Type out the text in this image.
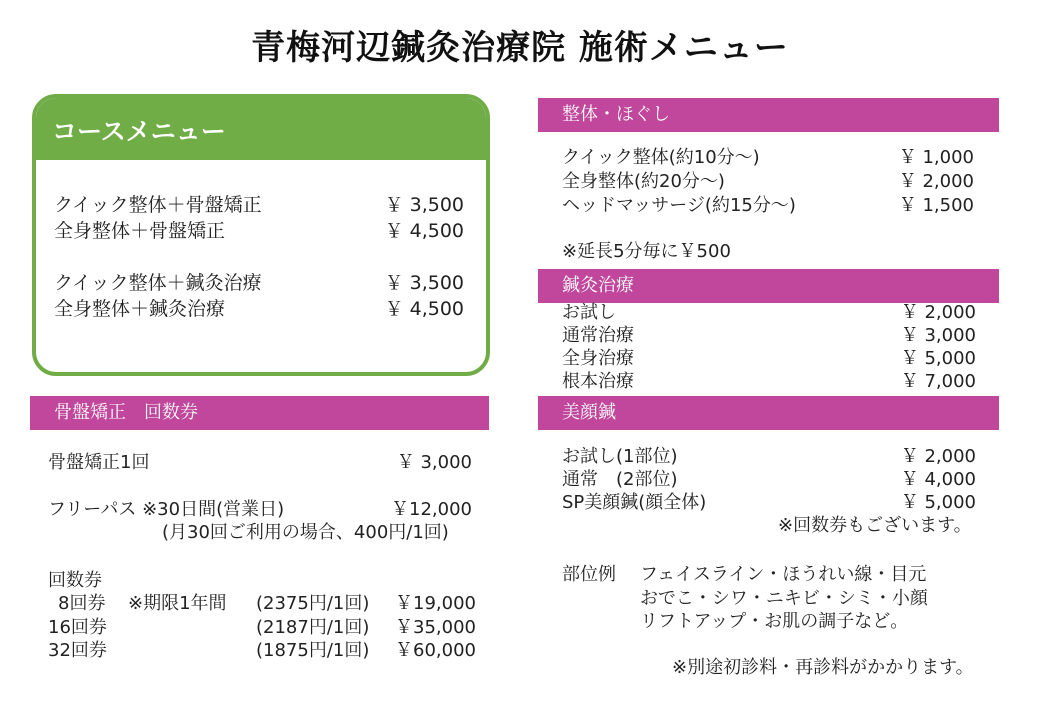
青梅河辺鍼灸治療院 施術メニュー
コースメニュー
クイック整体＋骨盤矯正	￥ 3,500
全身整体＋骨盤矯正	￥ 4,500
クイック整体＋鍼灸治療	￥ 3,500
全身整体＋鍼灸治療	￥ 4,500
骨盤矯正　回数券
骨盤矯正1回	￥ 3,000
フリーパス ※30日間(営業日)	￥12,000
(月30回ご利用の場合、400円/1回)
回数券
8回券 ※期限1年間 (2375円/1回)	￥19,000
16回券	(2187円/1回)	￥35,000
32回券	(1875円/1回)	￥60,000
整体・ほぐし
クイック整体(約10分～)	￥ 1,000
全身整体(約20分～)	￥ 2,000
ヘッドマッサージ(約15分～)	￥ 1,500
※延長5分毎に￥500
鍼灸治療
お試し	￥ 2,000
通常治療	￥ 3,000
全身治療	￥ 5,000
根本治療	￥ 7,000
美顔鍼
お試し(1部位)	￥ 2,000
通常　(2部位)	￥ 4,000
SP美顔鍼(顔全体)	￥ 5,000
※回数券もございます。
部位例 フェイスライン・ほうれい線・目元
おでこ・シワ・ニキビ・シミ・小顔
リフトアップ・お肌の調子など。
※別途初診料・再診料がかかります。
